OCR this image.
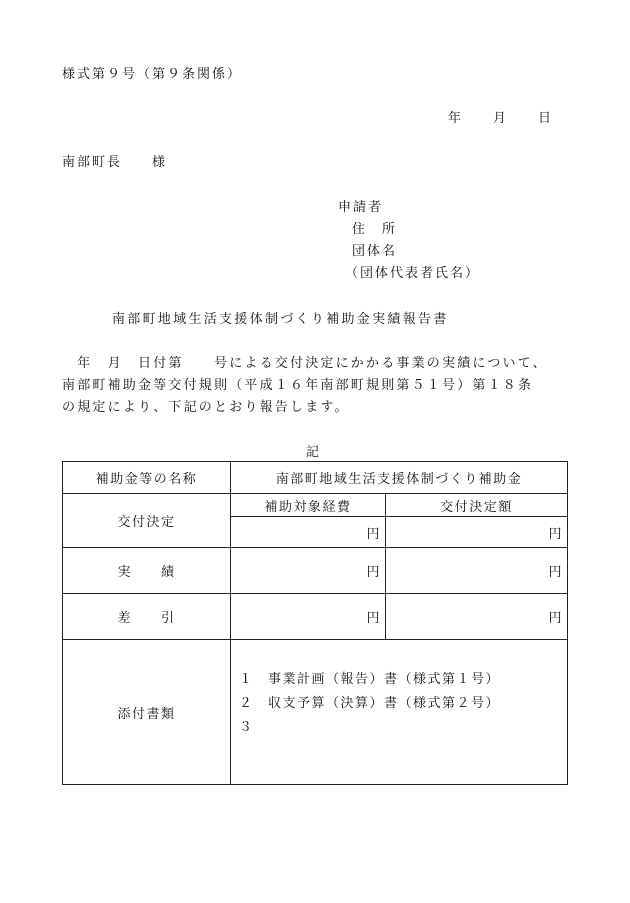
様式第９号（第９条関係）
年　　月　　日
南部町長　　様
申請者
住　所
団体名
（団体代表者氏名）
南部町地域生活支援体制づくり補助金実績報告書
　年　月　日付第　　号による交付決定にかかる事業の実績について、
南部町補助金等交付規則（平成１６年南部町規則第５１号）第１８条
の規定により、下記のとおり報告します。
記
補助金等の名称	南部町地域生活支援体制づくり補助金	
交付決定	補助対象経費	交付決定額
	円	円
実　　績	円	円
差　　引	円	円
添付書類	１　事業計画（報告）書（様式第１号）
２　収支予算（決算）書（様式第２号）
３	
